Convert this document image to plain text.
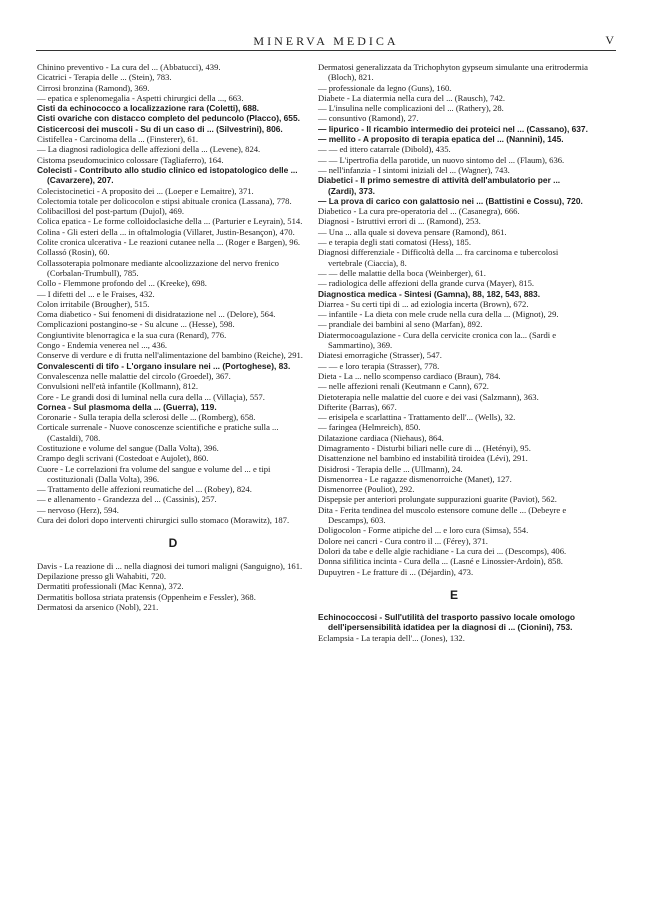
MINERVA MEDICA	V

Chinino preventivo - La cura del ... (Abbatucci), 439.

Cicatrici - Terapia delle ... (Stein), 783.

Cirrosi bronzina (Ramond), 369.

— epatica e splenomegalia - Aspetti chirurgici della ..., 663.

Cisti da echinococco a localizzazione rara (Coletti), 688.

Cisti ovariche con distacco completo del peduncolo (Placco), 655.

Cisticercosi dei muscoli - Su di un caso di ... (Silvestrini), 806.

Cistifellea - Carcinoma della ... (Finsterer), 61.

— La diagnosi radiologica delle affezioni della ... (Levene), 824.

Cistoma pseudomucinico colossare (Tagliaferro), 164.

Colecisti - Contributo allo studio clinico ed istopatologico delle ... (Cavarzere), 207.

Colecistocinetici - A proposito dei ... (Loeper e Lemaitre), 371.

Colectomia totale per dolicocolon e stipsi abituale cronica (Lassana), 778.

Colibacillosi del post-partum (Dujol), 469.

Colica epatica - Le forme colloidoclasiche della ... (Parturier e Leyrain), 514.

Colina - Gli esteri della ... in oftalmologia (Villaret, Justin-Besançon), 470.

Colite cronica ulcerativa - Le reazioni cutanee nella ... (Roger e Bargen), 96.

Collassó (Rosin), 60.

Collassoterapia polmonare mediante alcoolizzazione del nervo frenico (Corbalan-Trumbull), 785.

Collo - Flemmone profondo del ... (Kreeke), 698.

— I difetti del ... e le Fraises, 432.

Colon irritabile (Brougher), 515.

Coma diabetico - Sui fenomeni di disidratazione nel ... (Delore), 564.

Complicazioni postangino-se - Su alcune ... (Hesse), 598.

Congiuntivite blenorragica e la sua cura (Renard), 776.

Congo - Endemia venerea nel ..., 436.

Conserve di verdure e di frutta nell'alimentazione del bambino (Reiche), 291.

Convalescenti di tifo - L'organo insulare nei ... (Portoghese), 83.

Convalescenza nelle malattie del circolo (Groedel), 367.

Convulsioni nell'età infantile (Kollmann), 812.

Core - Le grandi dosi di luminal nella cura della ... (Villaçia), 557.

Cornea - Sul plasmoma della ... (Guerra), 119.

Coronarie - Sulla terapia della sclerosi delle ... (Romberg), 658.

Corticale surrenale - Nuove conoscenze scientifiche e pratiche sulla ... (Castaldi), 708.

Costituzione e volume del sangue (Dalla Volta), 396.

Crampo degli scrivani (Costedoat e Aujolet), 860.

Cuore - Le correlazioni fra volume del sangue e volume del ... e tipi costituzionali (Dalla Volta), 396.

— Trattamento delle affezioni reumatiche del ... (Robey), 824.

— e allenamento - Grandezza del ... (Cassinis), 257.

— nervoso (Herz), 594.

Cura dei dolori dopo interventi chirurgici sullo stomaco (Morawitz), 187.

D

Davis - La reazione di ... nella diagnosi dei tumori maligni (Sanguigno), 161.

Depilazione presso gli Wahabiti, 720.

Dermatiti professionali (Mac Kenna), 372.

Dermatitis bollosa striata pratensis (Oppenheim e Fessler), 368.

Dermatosi da arsenico (Nobl), 221.

Dermatosi generalizzata da Trichophyton gypseum simulante una eritrodermia (Bloch), 821.

— professionale da legno (Guns), 160.

Diabete - La diatermia nella cura del ... (Rausch), 742.

— L'insulina nelle complicazioni del ... (Rathery), 28.

— consuntivo (Ramond), 27.

— lipurico - Il ricambio intermedio dei proteici nel ... (Cassano), 637.

— mellito - A proposito di terapia epatica del ... (Nannini), 145.

— — ed ittero catarrale (Dibold), 435.

— — L'ipertrofia della parotide, un nuovo sintomo del ... (Flaum), 636.

— nell'infanzia - I sintomi iniziali del ... (Wagner), 743.

Diabetici - Il primo semestre di attività dell'ambulatorio per ... (Zardi), 373.

— La prova di carico con galattosio nei ... (Battistini e Cossu), 720.

Diabetico - La cura pre-operatoria del ... (Casanegra), 666.

Diagnosi - Istruttivi errori di ... (Ramond), 253.

— Una ... alla quale si doveva pensare (Ramond), 861.

— e terapia degli stati comatosi (Hess), 185.

Diagnosi differenziale - Difficoltà della ... fra carcinoma e tubercolosi vertebrale (Ciaccia), 8.

— — delle malattie della boca (Weinberger), 61.

— radiologica delle affezioni della grande curva (Mayer), 815.

Diagnostica medica - Sintesi (Gamna), 88, 182, 543, 883.

Diarrea - Su certi tipi di ... ad eziologia incerta (Brown), 672.

— infantile - La dieta con mele crude nella cura della ... (Mignot), 29.

— prandiale dei bambini al seno (Marfan), 892.

Diatermocoagulazione - Cura della cervicite cronica con la... (Sardi e Sammartino), 369.

Diatesi emorragiche (Strasser), 547.

— — e loro terapia (Strasser), 778.

Dieta - La ... nello scompenso cardiaco (Braun), 784.

— nelle affezioni renali (Keutmann e Cann), 672.

Dietoterapia nelle malattie del cuore e dei vasi (Salzmann), 363.

Difterite (Barras), 667.

— erisipela e scarlattina - Trattamento dell'... (Wells), 32.

— faringea (Helmreich), 850.

Dilatazione cardiaca (Niehaus), 864.

Dimagramento - Disturbi biliari nelle cure di ... (Hetényi), 95.

Disattenzione nel bambino ed instabilità tiroidea (Lévi), 291.

Disidrosi - Terapia delle ... (Ullmann), 24.

Dismenorrea - Le ragazze dismenorroiche (Manet), 127.

Dismenorree (Pouliot), 292.

Dispepsie per anteriori prolungate suppurazioni guarite (Paviot), 562.

Dita - Ferita tendinea del muscolo estensore comune delle ... (Debeyre e Descamps), 603.

Doligocolon - Forme atipiche del ... e loro cura (Simsa), 554.

Dolore nei cancri - Cura contro il ... (Férey), 371.

Dolori da tabe e delle algie rachidiane - La cura dei ... (Descomps), 406.

Donna sifilitica incinta - Cura della ... (Lasné e Linossier-Ardoin), 858.

Dupuytren - Le fratture di ... (Déjardin), 473.

E

Echinococcosi - Sull'utilità del trasporto passivo locale omologo dell'ipersensibilità idatidea per la diagnosi di ... (Cionini), 753.

Eclampsia - La terapia dell'... (Jones), 132.
